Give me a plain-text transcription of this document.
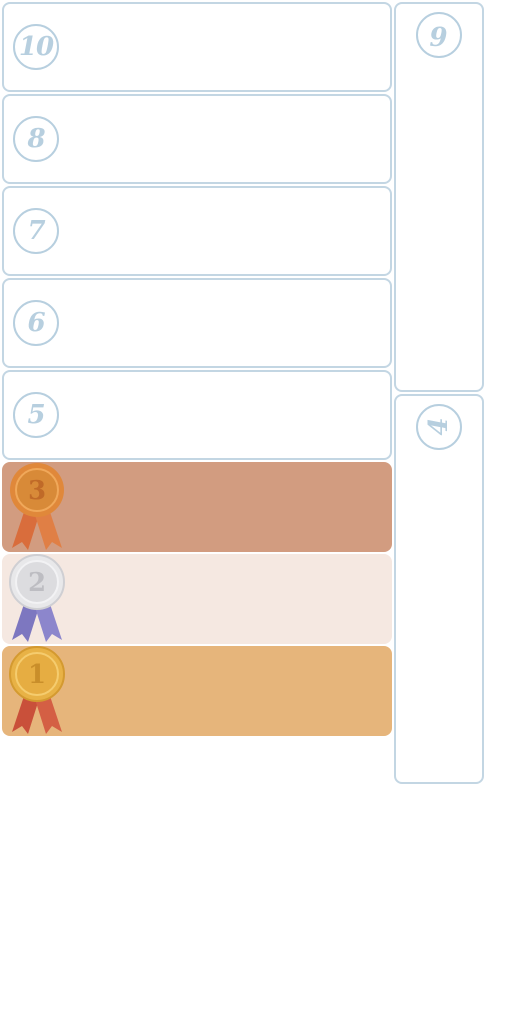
10
8
7
6
5
3
2
1
6
4
